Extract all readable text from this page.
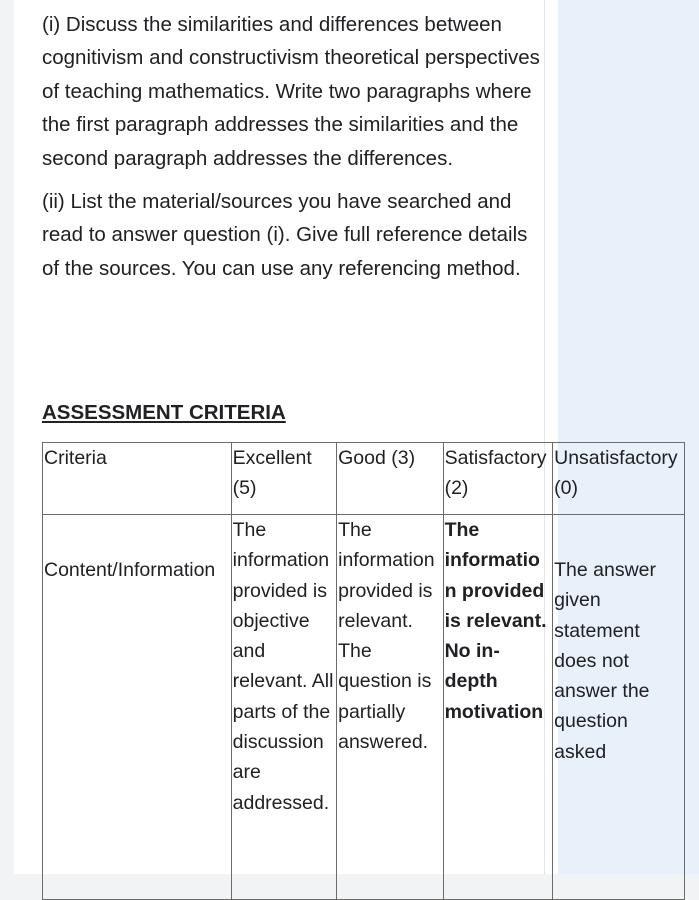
(i) Discuss the similarities and differences between cognitivism and constructivism theoretical perspectives of teaching mathematics. Write two paragraphs where the first paragraph addresses the similarities and the second paragraph addresses the differences.

(ii) List the material/sources you have searched and read to answer question (i). Give full reference details of the sources. You can use any referencing method.

ASSESSMENT CRITERIA
Criteria	Excellent (5)	Good (3)	Satisfactory (2)	Unsatisfactory (0)
Content/Information	The information provided is objective and relevant. All parts of the discussion are addressed.	The information provided is relevant. The question is partially answered.	The information provided is relevant. No in-depth motivation	The answer given statement does not answer the question asked
